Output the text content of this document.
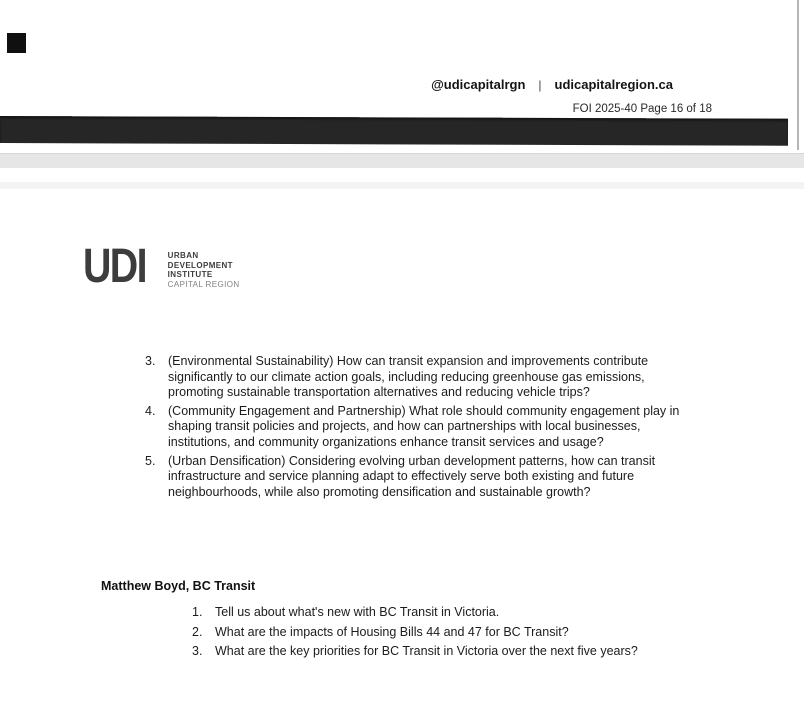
@udicapitalrgn | udicapitalregion.ca
FOI 2025-40 Page 16 of 18
UDI	URBAN
DEVELOPMENT
INSTITUTE
CAPITAL REGION
3.	(Environmental Sustainability) How can transit expansion and improvements contribute significantly to our climate action goals, including reducing greenhouse gas emissions, promoting sustainable transportation alternatives and reducing vehicle trips?
4.	(Community Engagement and Partnership) What role should community engagement play in shaping transit policies and projects, and how can partnerships with local businesses, institutions, and community organizations enhance transit services and usage?
5.	(Urban Densification) Considering evolving urban development patterns, how can transit infrastructure and service planning adapt to effectively serve both existing and future neighbourhoods, while also promoting densification and sustainable growth?
Matthew Boyd, BC Transit
1.	Tell us about what's new with BC Transit in Victoria.
2.	What are the impacts of Housing Bills 44 and 47 for BC Transit?
3.	What are the key priorities for BC Transit in Victoria over the next five years?
